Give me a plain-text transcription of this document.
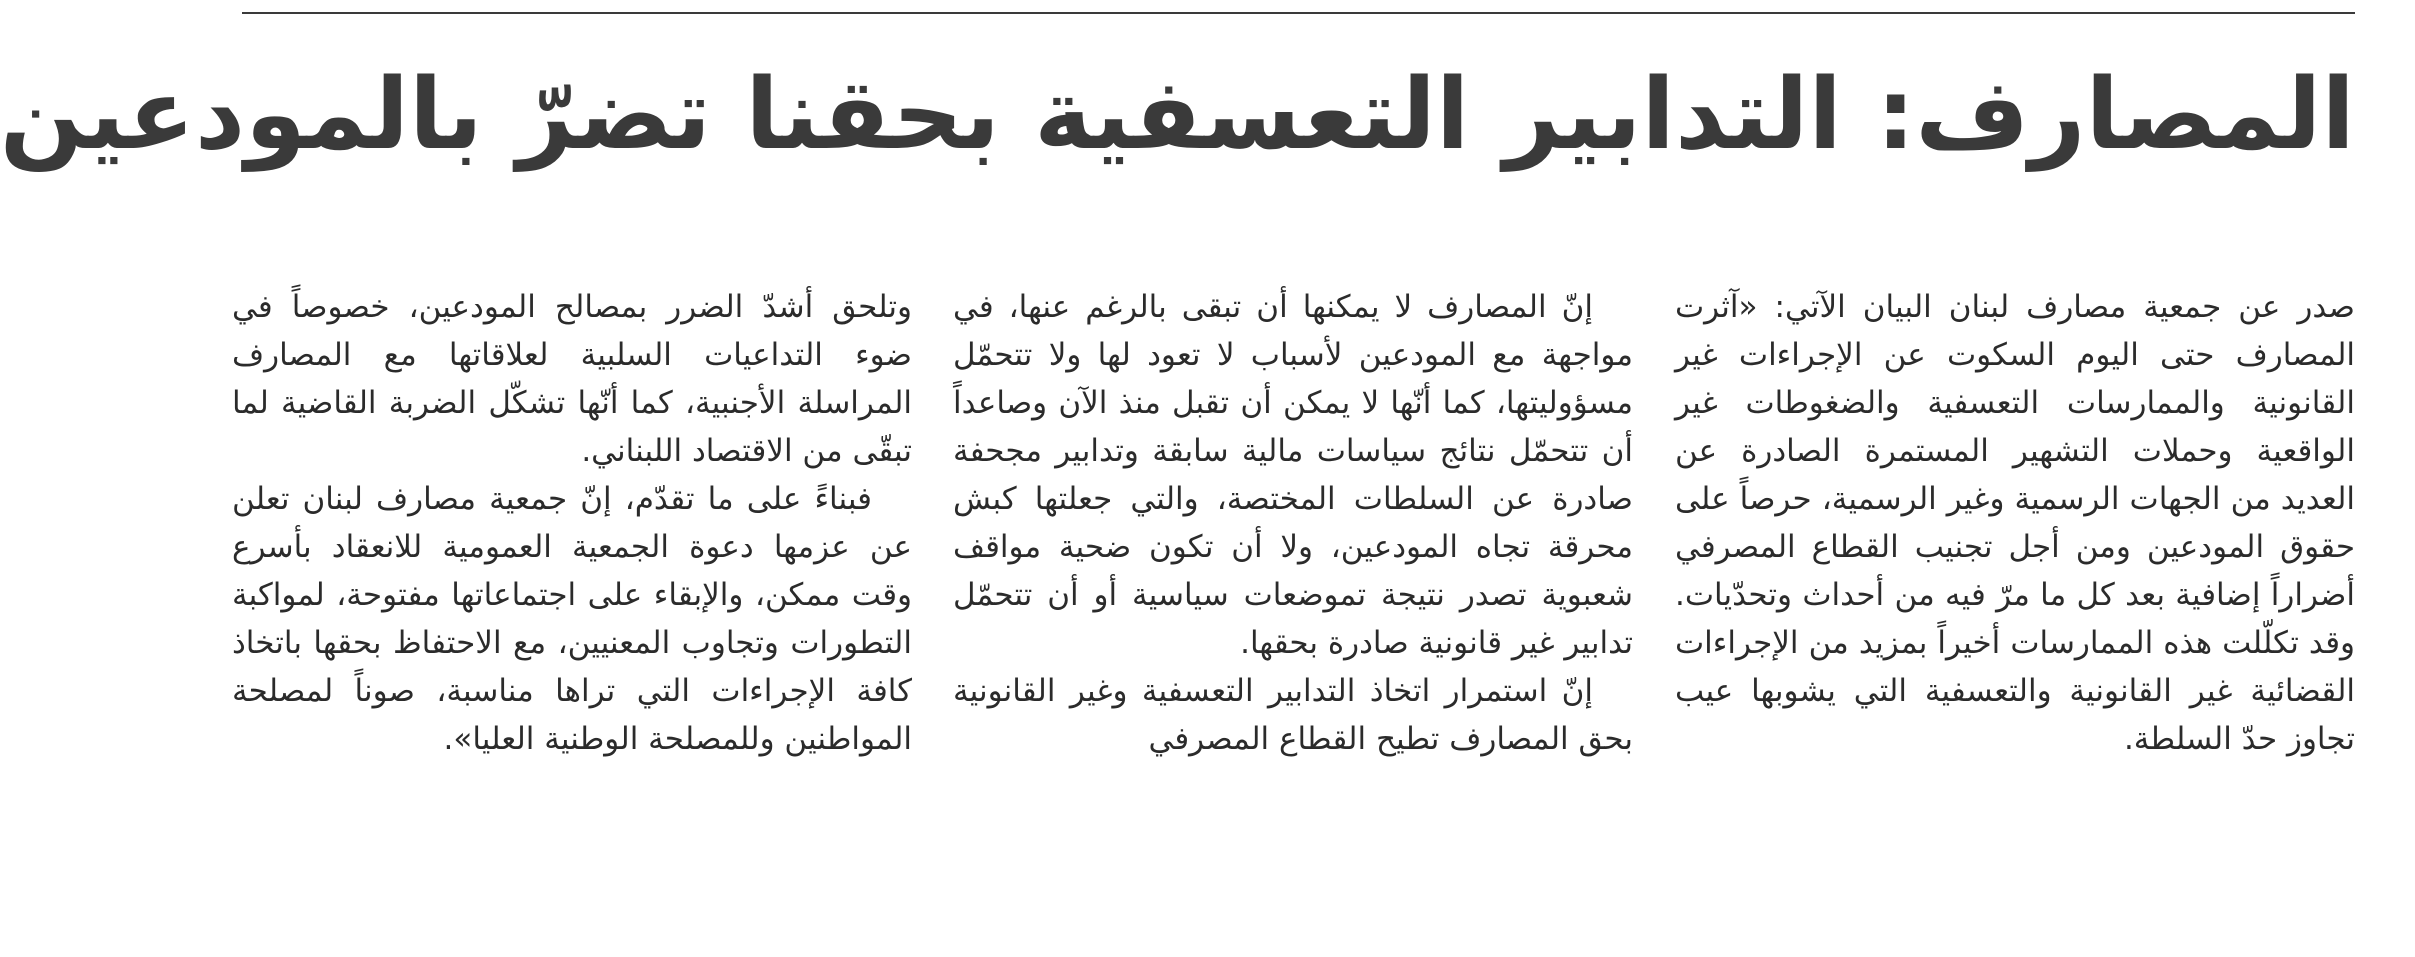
المصارف: التدابير التعسفية بحقنا تضرّ بالمودعين

صدر عن جمعية مصارف لبنان البيان الآتي: «آثرت المصارف حتى اليوم السكوت عن الإجراءات غير القانونية والممارسات التعسفية والضغوطات غير الواقعية وحملات التشهير المستمرة الصادرة عن العديد من الجهات الرسمية وغير الرسمية، حرصاً على حقوق المودعين ومن أجل تجنيب القطاع المصرفي أضراراً إضافية بعد كل ما مرّ فيه من أحداث وتحدّيات. وقد تكلّلت هذه الممارسات أخيراً بمزيد من الإجراءات القضائية غير القانونية والتعسفية التي يشوبها عيب تجاوز حدّ السلطة.

إنّ المصارف لا يمكنها أن تبقى بالرغم عنها، في مواجهة مع المودعين لأسباب لا تعود لها ولا تتحمّل مسؤوليتها، كما أنّها لا يمكن أن تقبل منذ الآن وصاعداً أن تتحمّل نتائج سياسات مالية سابقة وتدابير مجحفة صادرة عن السلطات المختصة، والتي جعلتها كبش محرقة تجاه المودعين، ولا أن تكون ضحية مواقف شعبوية تصدر نتيجة تموضعات سياسية أو أن تتحمّل تدابير غير قانونية صادرة بحقها.

إنّ استمرار اتخاذ التدابير التعسفية وغير القانونية بحق المصارف تطيح القطاع المصرفي

وتلحق أشدّ الضرر بمصالح المودعين، خصوصاً في ضوء التداعيات السلبية لعلاقاتها مع المصارف المراسلة الأجنبية، كما أنّها تشكّل الضربة القاضية لما تبقّى من الاقتصاد اللبناني.

فبناءً على ما تقدّم، إنّ جمعية مصارف لبنان تعلن عن عزمها دعوة الجمعية العمومية للانعقاد بأسرع وقت ممكن، والإبقاء على اجتماعاتها مفتوحة، لمواكبة التطورات وتجاوب المعنيين، مع الاحتفاظ بحقها باتخاذ كافة الإجراءات التي تراها مناسبة، صوناً لمصلحة المواطنين وللمصلحة الوطنية العليا».
